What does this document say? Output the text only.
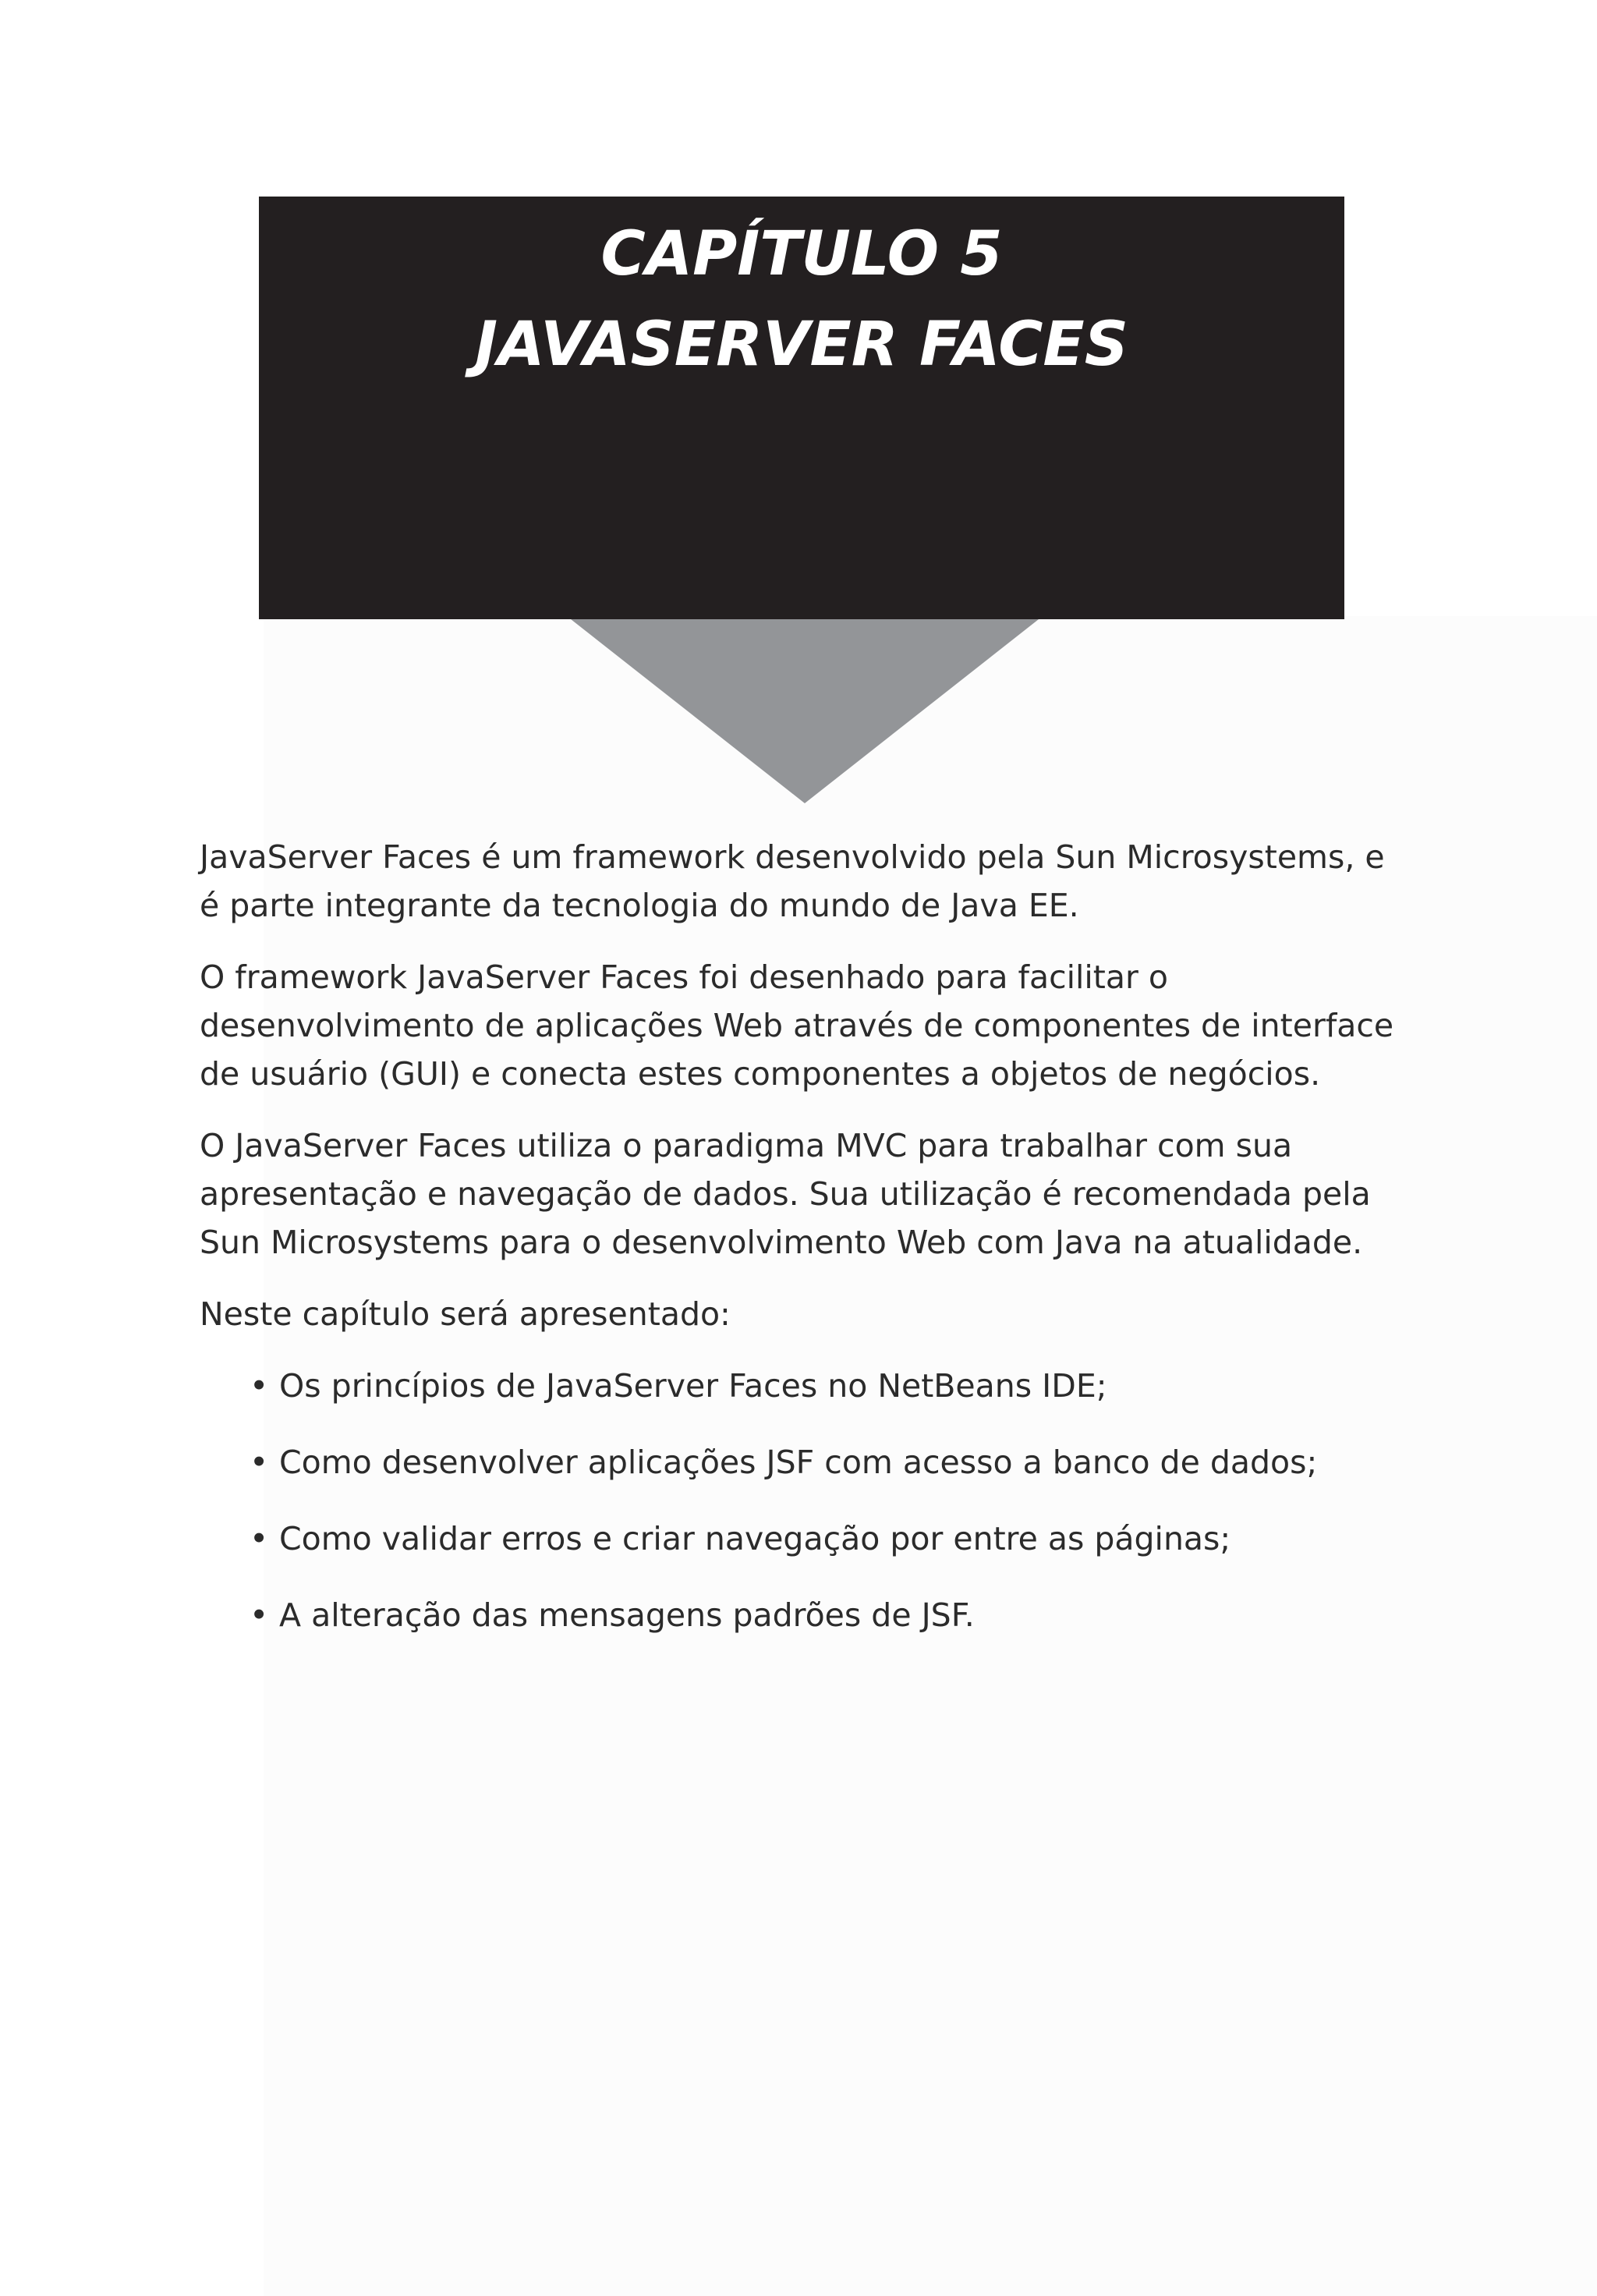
CAPÍTULO 5
JAVASERVER FACES

JavaServer Faces é um framework desenvolvido pela Sun Microsystems, e é parte integrante da tecnologia do mundo de Java EE.

O framework JavaServer Faces foi desenhado para facilitar o desenvolvimento de aplicações Web através de componentes de interface de usuário (GUI) e conecta estes componentes a objetos de negócios.

O JavaServer Faces utiliza o paradigma MVC para trabalhar com sua apresentação e navegação de dados. Sua utilização é recomendada pela Sun Microsystems para o desenvolvimento Web com Java na atualidade.

Neste capítulo será apresentado:

• Os princípios de JavaServer Faces no NetBeans IDE;
• Como desenvolver aplicações JSF com acesso a banco de dados;
• Como validar erros e criar navegação por entre as páginas;
• A alteração das mensagens padrões de JSF.
